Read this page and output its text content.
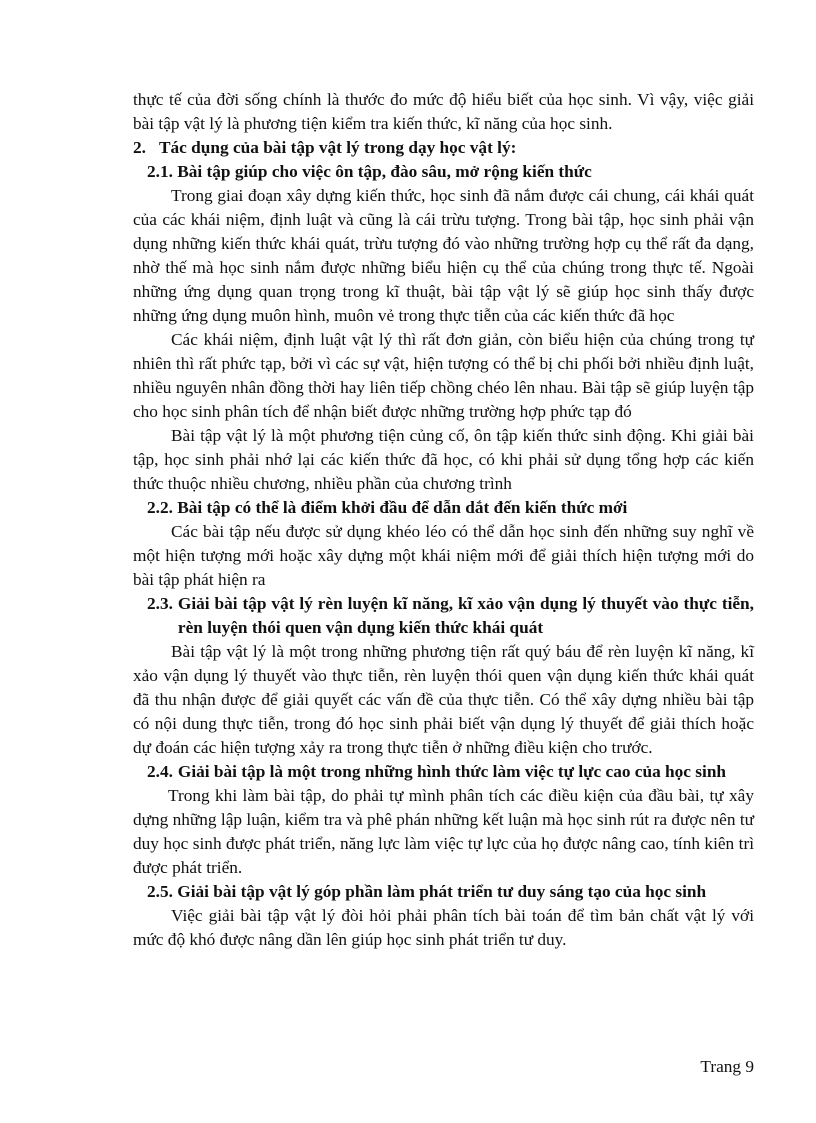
thực tế của đời sống chính là thước đo mức độ hiểu biết của học sinh. Vì vậy, việc giải bài tập vật lý là phương tiện kiểm tra kiến thức, kĩ năng của học sinh.

2. Tác dụng của bài tập vật lý trong dạy học vật lý:
2.1. Bài tập giúp cho việc ôn tập, đào sâu, mở rộng kiến thức

Trong giai đoạn xây dựng kiến thức, học sinh đã nắm được cái chung, cái khái quát của các khái niệm, định luật và cũng là cái trừu tượng. Trong bài tập, học sinh phải vận dụng những kiến thức khái quát, trừu tượng đó vào những trường hợp cụ thể rất đa dạng, nhờ thế mà học sinh nắm được những biểu hiện cụ thể của chúng trong thực tế. Ngoài những ứng dụng quan trọng trong kĩ thuật, bài tập vật lý sẽ giúp học sinh thấy được những ứng dụng muôn hình, muôn vẻ trong thực tiễn của các kiến thức đã học

Các khái niệm, định luật vật lý thì rất đơn giản, còn biểu hiện của chúng trong tự nhiên thì rất phức tạp, bởi vì các sự vật, hiện tượng có thể bị chi phối bởi nhiều định luật, nhiều nguyên nhân đồng thời hay liên tiếp chồng chéo lên nhau. Bài tập sẽ giúp luyện tập cho học sinh phân tích để nhận biết được những trường hợp phức tạp đó

Bài tập vật lý là một phương tiện củng cố, ôn tập kiến thức sinh động. Khi giải bài tập, học sinh phải nhớ lại các kiến thức đã học, có khi phải sử dụng tổng hợp các kiến thức thuộc nhiều chương, nhiều phần của chương trình

2.2. Bài tập có thể là điểm khởi đầu để dẫn dắt đến kiến thức mới

Các bài tập nếu được sử dụng khéo léo có thể dẫn học sinh đến những suy nghĩ về một hiện tượng mới hoặc xây dựng một khái niệm mới để giải thích hiện tượng mới do bài tập phát hiện ra

2.3. Giải bài tập vật lý rèn luyện kĩ năng, kĩ xảo vận dụng lý thuyết vào thực tiễn, rèn luyện thói quen vận dụng kiến thức khái quát

Bài tập vật lý là một trong những phương tiện rất quý báu để rèn luyện kĩ năng, kĩ xảo vận dụng lý thuyết vào thực tiễn, rèn luyện thói quen vận dụng kiến thức khái quát đã thu nhận được để giải quyết các vấn đề của thực tiễn. Có thể xây dựng nhiều bài tập có nội dung thực tiễn, trong đó học sinh phải biết vận dụng lý thuyết để giải thích hoặc dự đoán các hiện tượng xảy ra trong thực tiễn ở những điều kiện cho trước.

2.4. Giải bài tập là một trong những hình thức làm việc tự lực cao của học sinh

Trong khi làm bài tập, do phải tự mình phân tích các điều kiện của đầu bài, tự xây dựng những lập luận, kiểm tra và phê phán những kết luận mà học sinh rút ra được nên tư duy học sinh được phát triển, năng lực làm việc tự lực của họ được nâng cao, tính kiên trì được phát triển.

2.5. Giải bài tập vật lý góp phần làm phát triển tư duy sáng tạo của học sinh

Việc giải bài tập vật lý đòi hỏi phải phân tích bài toán để tìm bản chất vật lý với mức độ khó được nâng dần lên giúp học sinh phát triển tư duy.

Trang 9
